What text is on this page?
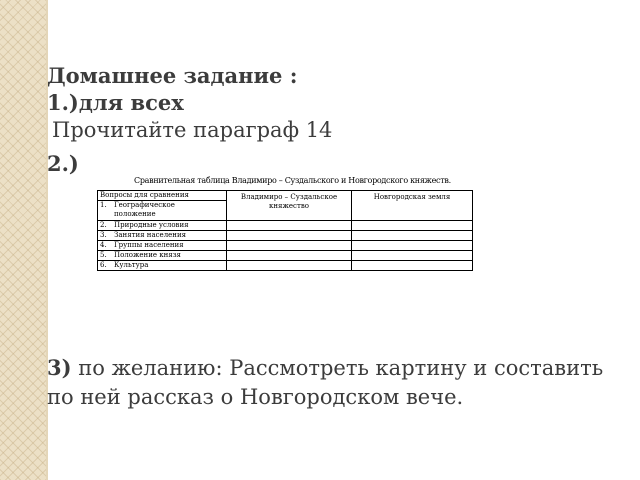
Домашнее задание :
1.)для всех
Прочитайте параграф 14
2.)
Сравнительная таблица Владимиро – Суздальского и Новгородского княжеств.
Вопросы для сравнения	Владимиро – Суздальское княжество	Новгородская земля
1. Географическое положение		
2. Природные условия		
3. Занятия населения		
4. Группы населения		
5. Положение князя		
6. Культура		
3) по желанию: Рассмотреть картину и составить по ней рассказ о Новгородском вече.
